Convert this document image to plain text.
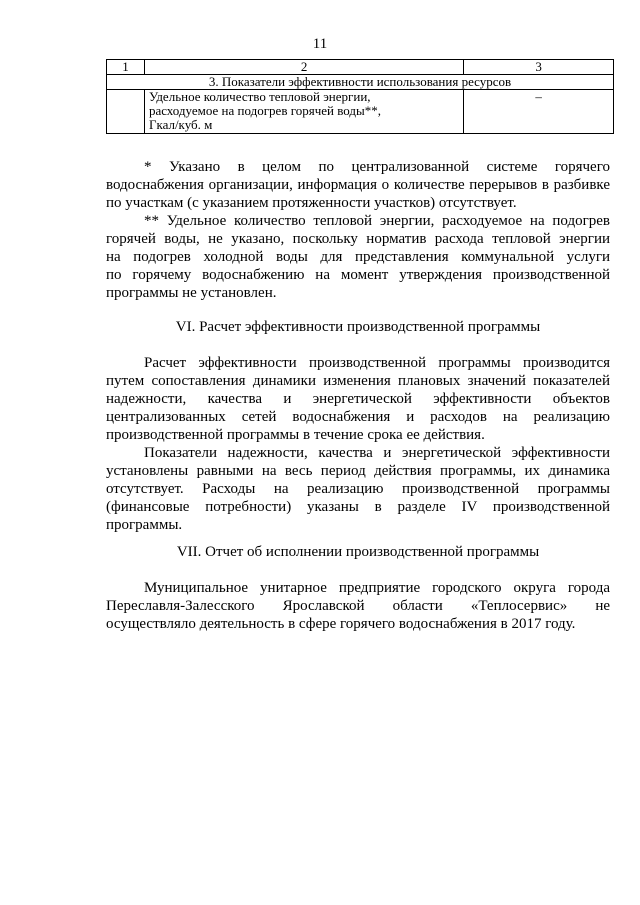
11
1	2	3
3. Показатели эффективности использования ресурсов		

	Удельное количество тепловой энергии,
расходуемое на подогрев горячей воды**,
Гкал/куб. м	–
* Указано в целом по централизованной системе горячего
водоснабжения организации, информация о количестве перерывов в разбивке
по участкам (с указанием протяженности участков) отсутствует.
** Удельное количество тепловой энергии, расходуемое на подогрев
горячей воды, не указано, поскольку норматив расхода тепловой энергии
на подогрев холодной воды для представления коммунальной услуги
по горячему водоснабжению на момент утверждения производственной
программы не установлен.
VI. Расчет эффективности производственной программы
Расчет эффективности производственной программы производится
путем сопоставления динамики изменения плановых значений показателей
надежности, качества и энергетической эффективности объектов
централизованных сетей водоснабжения и расходов на реализацию
производственной программы в течение срока ее действия.
Показатели надежности, качества и энергетической эффективности
установлены равными на весь период действия программы, их динамика
отсутствует. Расходы на реализацию производственной программы
(финансовые потребности) указаны в разделе IV производственной
программы.
VII. Отчет об исполнении производственной программы
Муниципальное унитарное предприятие городского округа города
Переславля-Залесского Ярославской области «Теплосервис» не
осуществляло деятельность в сфере горячего водоснабжения в 2017 году.
